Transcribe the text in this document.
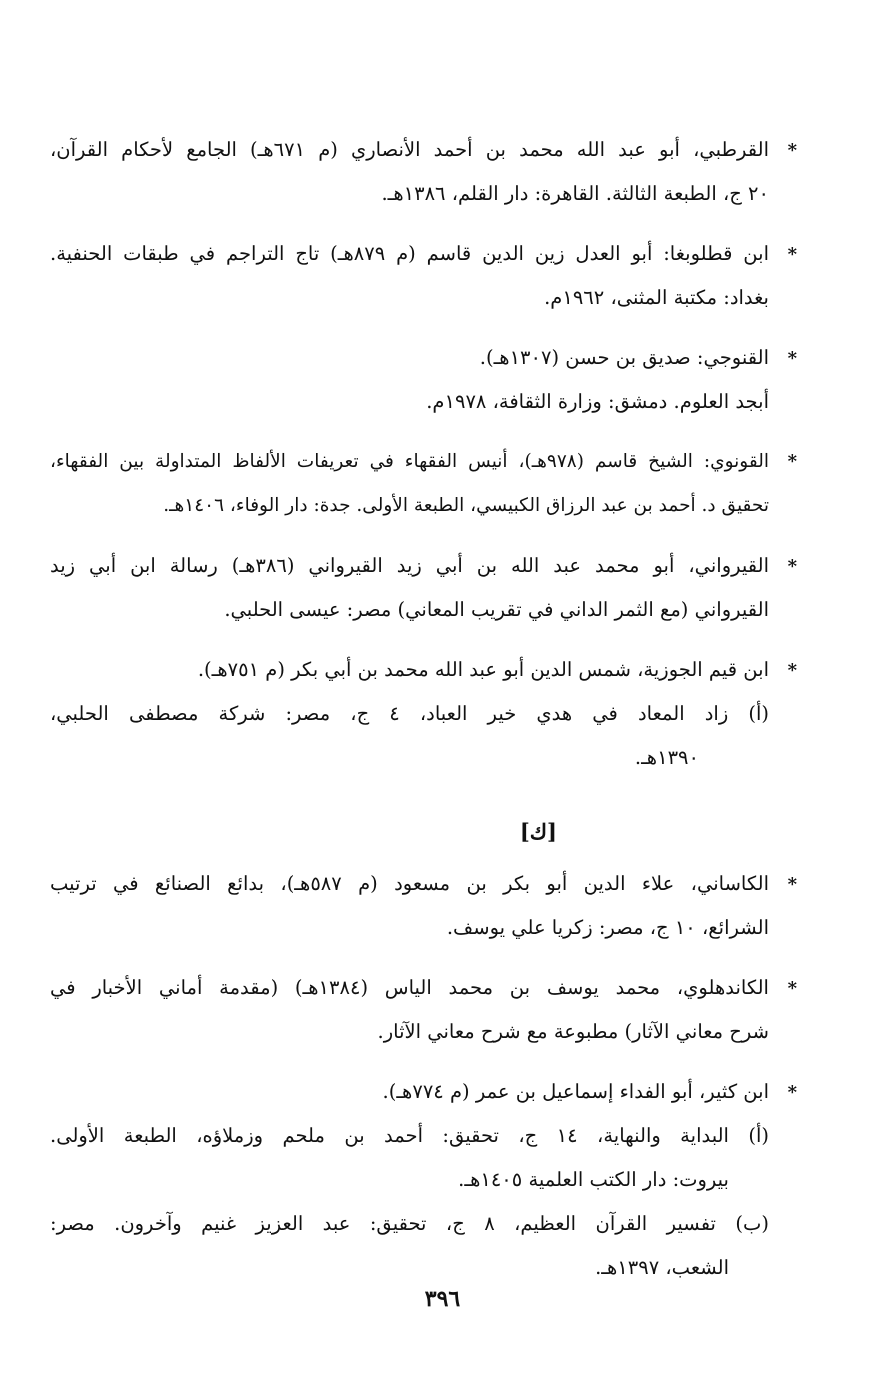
*القرطبي، أبو عبد الله محمد بن أحمد الأنصاري (م ٦٧١هـ) الجامع لأحكام القرآن،
٢٠ ج، الطبعة الثالثة. القاهرة: دار القلم، ١٣٨٦هـ.
*ابن قطلوبغا: أبو العدل زين الدين قاسم (م ٨٧٩هـ) تاج التراجم في طبقات الحنفية.
بغداد: مكتبة المثنى، ١٩٦٢م.
*القنوجي: صديق بن حسن (١٣٠٧هـ).
أبجد العلوم. دمشق: وزارة الثقافة، ١٩٧٨م.
*القونوي: الشيخ قاسم (٩٧٨هـ)، أنيس الفقهاء في تعريفات الألفاظ المتداولة بين الفقهاء،
تحقيق د. أحمد بن عبد الرزاق الكبيسي، الطبعة الأولى. جدة: دار الوفاء، ١٤٠٦هـ.
*القيرواني، أبو محمد عبد الله بن أبي زيد القيرواني (٣٨٦هـ) رسالة ابن أبي زيد
القيرواني (مع الثمر الداني في تقريب المعاني) مصر: عيسى الحلبي.
*ابن قيم الجوزية، شمس الدين أبو عبد الله محمد بن أبي بكر (م ٧٥١هـ).
(أ) زاد المعاد في هدي خير العباد، ٤ ج، مصر: شركة مصطفى الحلبي،
١٣٩٠هـ.
[ك]
*الكاساني، علاء الدين أبو بكر بن مسعود (م ٥٨٧هـ)، بدائع الصنائع في ترتيب
الشرائع، ١٠ ج، مصر: زكريا علي يوسف.
*الكاندهلوي، محمد يوسف بن محمد الياس (١٣٨٤هـ) (مقدمة أماني الأخبار في
شرح معاني الآثار) مطبوعة مع شرح معاني الآثار.
*ابن كثير، أبو الفداء إسماعيل بن عمر (م ٧٧٤هـ).
(أ) البداية والنهاية، ١٤ ج، تحقيق: أحمد بن ملحم وزملاؤه، الطبعة الأولى.
بيروت: دار الكتب العلمية ١٤٠٥هـ.
(ب) تفسير القرآن العظيم، ٨ ج، تحقيق: عبد العزيز غنيم وآخرون. مصر:
الشعب، ١٣٩٧هـ.
٣٩٦
